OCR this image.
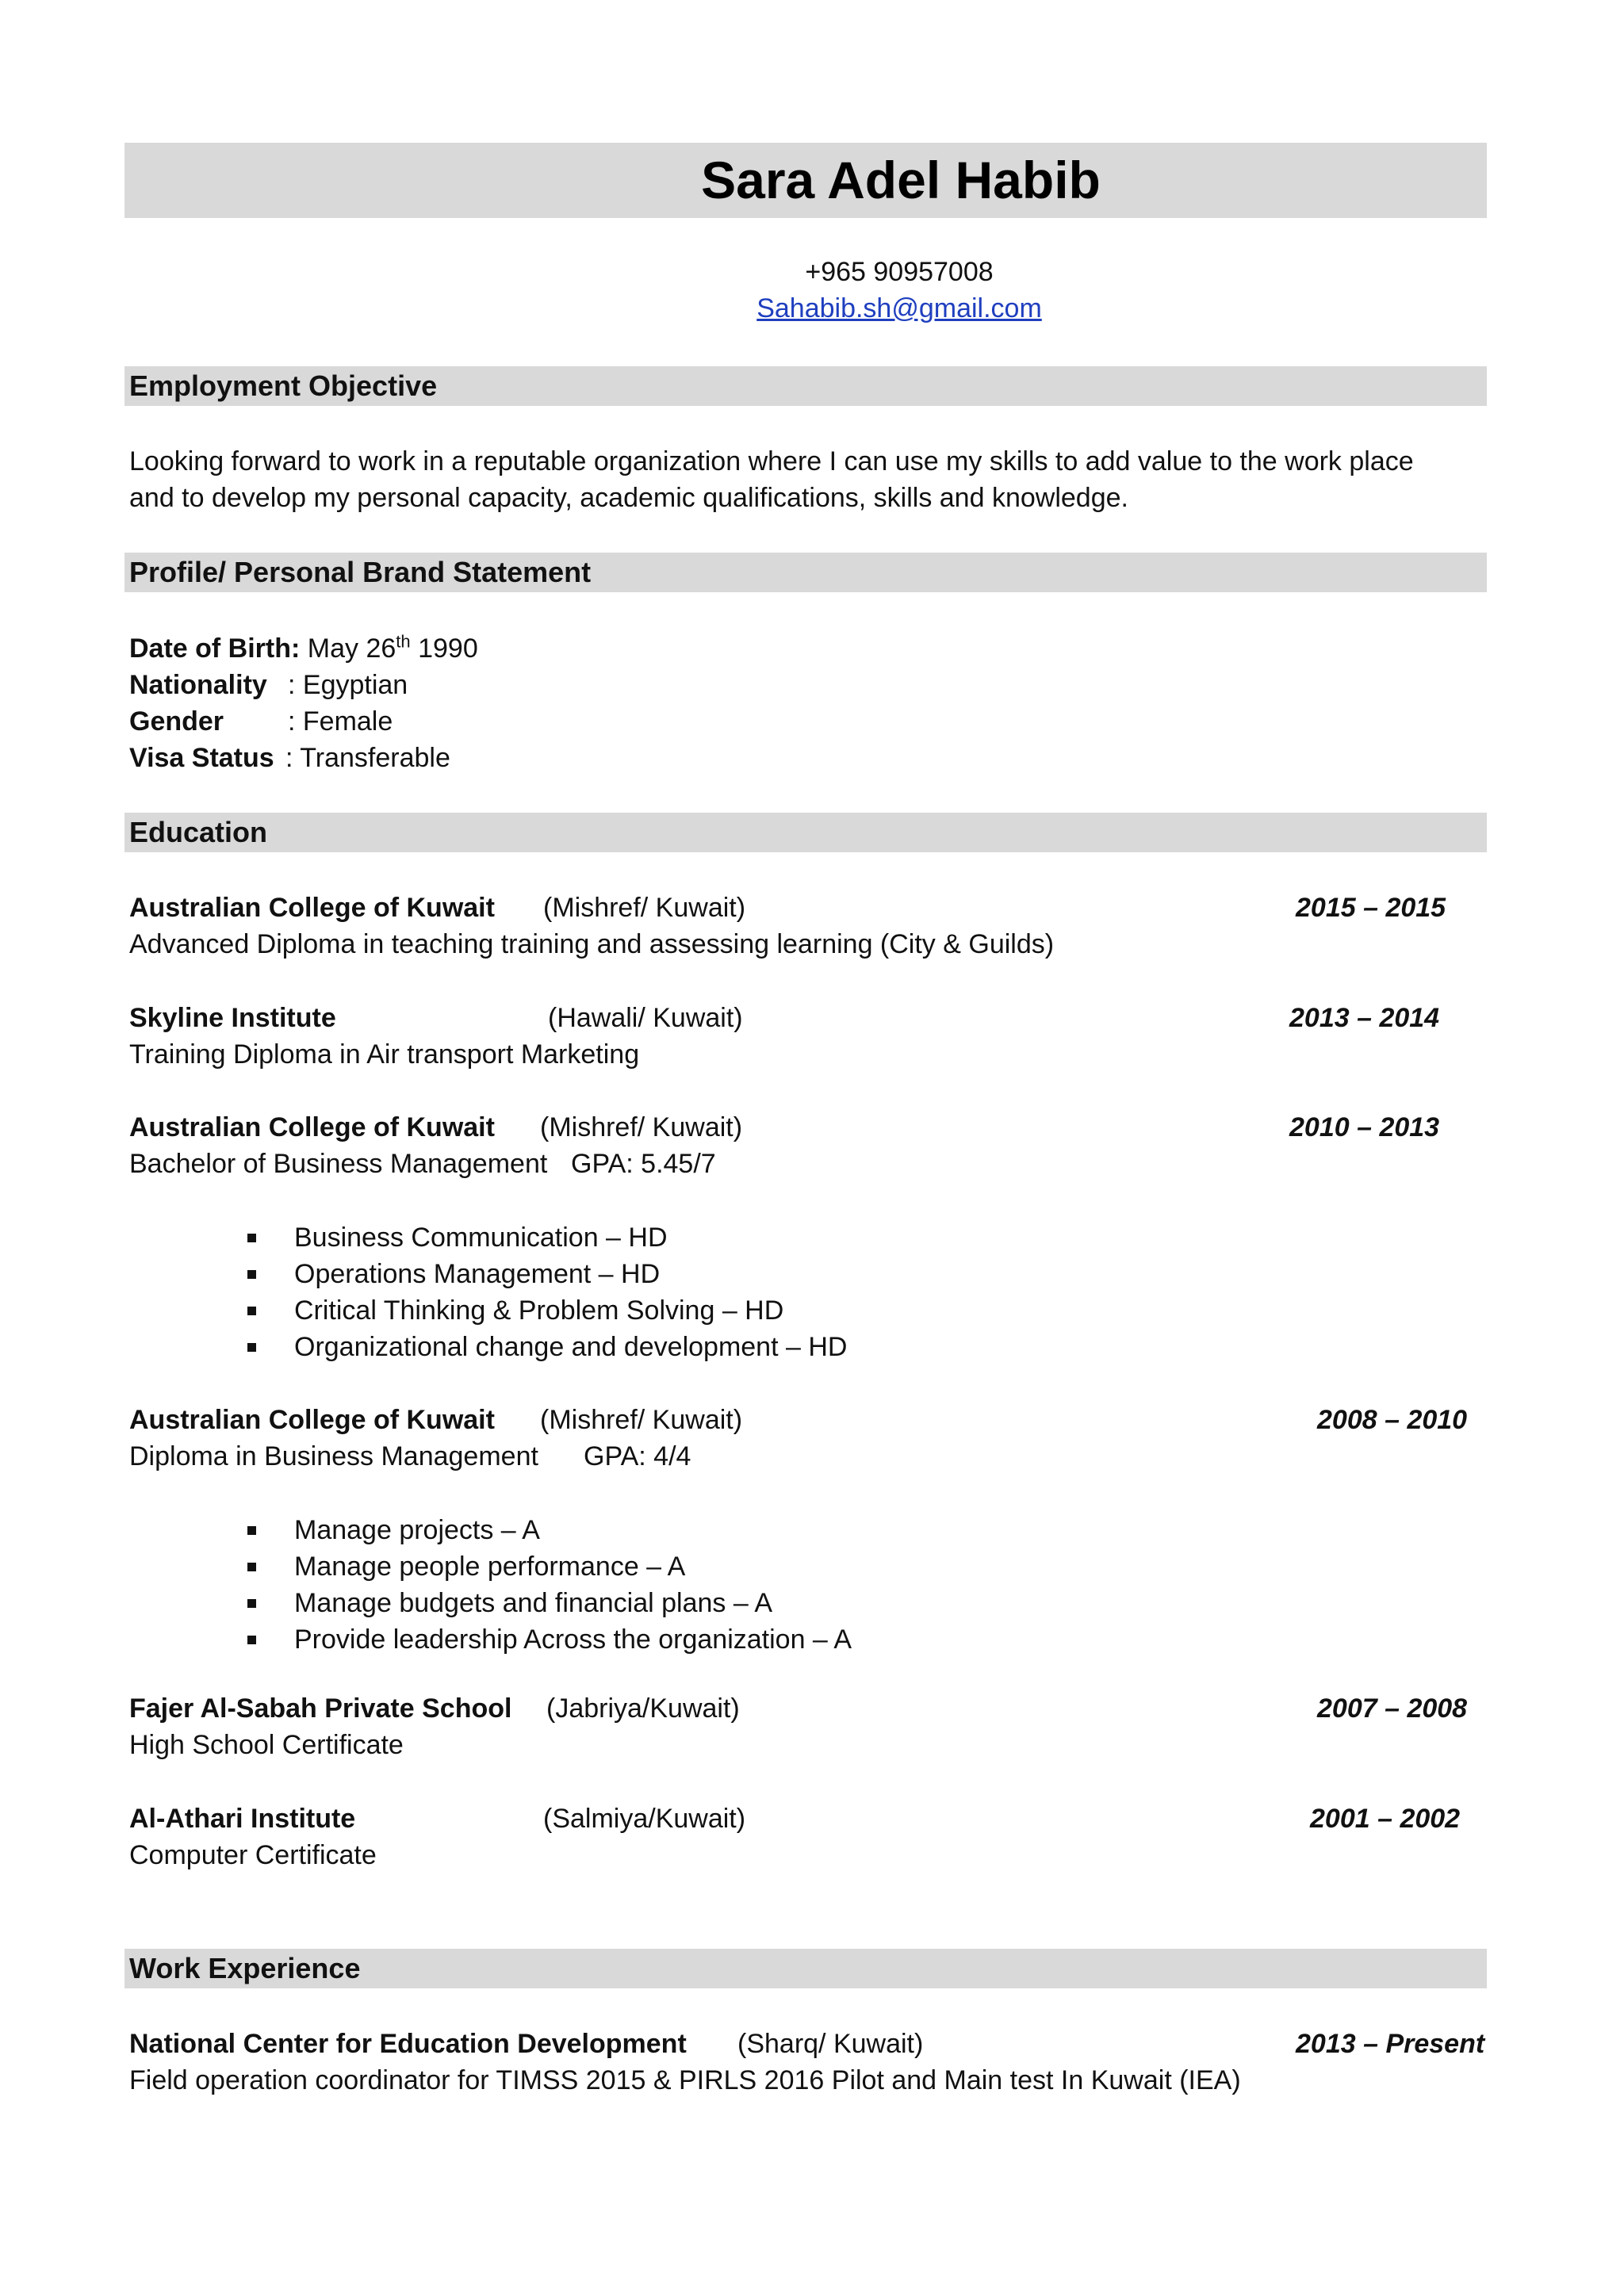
Sara Adel Habib
+965 90957008
Sahabib.sh@gmail.com
Employment Objective
Looking forward to work in a reputable organization where I can use my skills to add value to the work place
and to develop my personal capacity, academic qualifications, skills and knowledge.
Profile/ Personal Brand Statement
Date of Birth: May 26th 1990
Nationality : Egyptian
Gender : Female
Visa Status : Transferable
Education
Australian College of Kuwait (Mishref/ Kuwait)	2015 – 2015
Advanced Diploma in teaching training and assessing learning (City & Guilds)
Skyline Institute	(Hawali/ Kuwait)	2013 – 2014
Training Diploma in Air transport Marketing
Australian College of Kuwait (Mishref/ Kuwait)	2010 – 2013
Bachelor of Business Management GPA: 5.45/7
Business Communication – HD
Operations Management – HD
Critical Thinking & Problem Solving – HD
Organizational change and development – HD
Australian College of Kuwait (Mishref/ Kuwait)	2008 – 2010
Diploma in Business Management GPA: 4/4
Manage projects – A
Manage people performance – A
Manage budgets and financial plans – A
Provide leadership Across the organization – A
Fajer Al-Sabah Private School (Jabriya/Kuwait)	2007 – 2008
High School Certificate
Al-Athari Institute	(Salmiya/Kuwait)	2001 – 2002
Computer Certificate
Work Experience
National Center for Education Development (Sharq/ Kuwait)	2013 – Present
Field operation coordinator for TIMSS 2015 & PIRLS 2016 Pilot and Main test In Kuwait (IEA)
